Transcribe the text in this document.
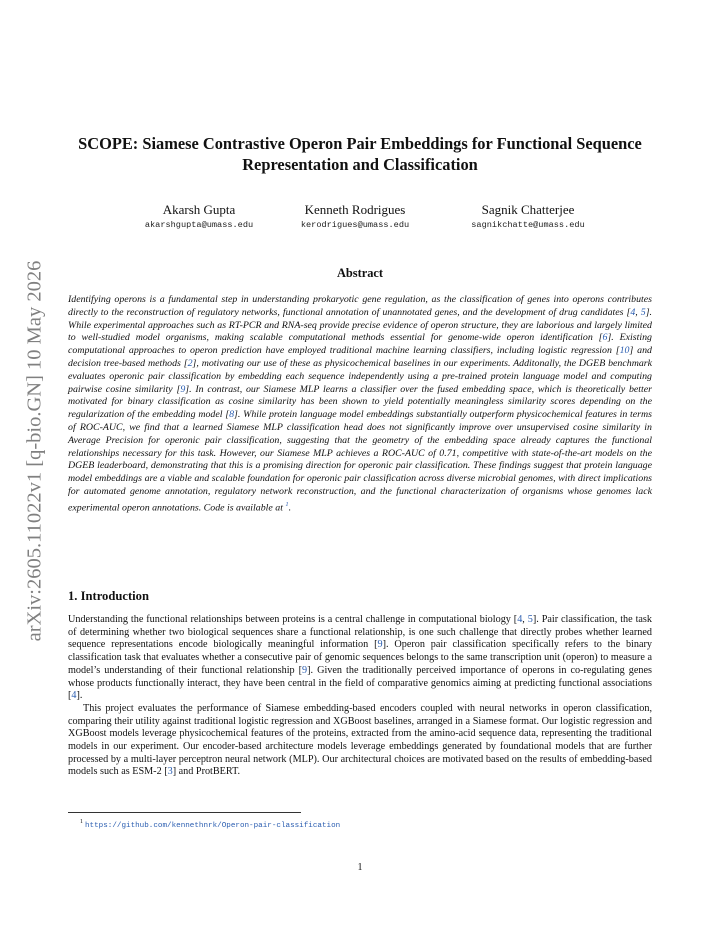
arXiv:2605.11022v1 [q-bio.GN] 10 May 2026
SCOPE: Siamese Contrastive Operon Pair Embeddings for Functional Sequence Representation and Classification
Akarsh Gupta
akarshgupta@umass.edu
Kenneth Rodrigues
kerodrigues@umass.edu
Sagnik Chatterjee
sagnikchatte@umass.edu
Abstract

Identifying operons is a fundamental step in understanding prokaryotic gene regulation, as the classification of genes into operons contributes directly to the reconstruction of regulatory networks, functional annotation of unannotated genes, and the development of drug candidates [4, 5]. While experimental approaches such as RT-PCR and RNA-seq provide precise evidence of operon structure, they are laborious and largely limited to well-studied model organisms, making scalable computational methods essential for genome-wide operon identification [6]. Existing computational approaches to operon prediction have employed traditional machine learning classifiers, including logistic regression [10] and decision tree-based methods [2], motivating our use of these as physicochemical baselines in our experiments. Additonally, the DGEB benchmark evaluates operonic pair classification by embedding each sequence independently using a pre-trained protein language model and computing pairwise cosine similarity [9]. In contrast, our Siamese MLP learns a classifier over the fused embedding space, which is theoretically better motivated for binary classification as cosine similarity has been shown to yield potentially meaningless similarity scores depending on the regularization of the embedding model [8]. While protein language model embeddings substantially outperform physicochemical features in terms of ROC-AUC, we find that a learned Siamese MLP classification head does not significantly improve over unsupervised cosine similarity in Average Precision for operonic pair classification, suggesting that the geometry of the embedding space already captures the functional relationships necessary for this task. However, our Siamese MLP achieves a ROC-AUC of 0.71, competitive with state-of-the-art models on the DGEB leaderboard, demonstrating that this is a promising direction for operonic pair classification. These findings suggest that protein language model embeddings are a viable and scalable foundation for operonic pair classification across diverse microbial genomes, with direct implications for automated genome annotation, regulatory network reconstruction, and the functional characterization of organisms whose genomes lack experimental operon annotations. Code is available at $^1$.

1. Introduction

Understanding the functional relationships between proteins is a central challenge in computational biology [4, 5]. Pair classification, the task of determining whether two biological sequences share a functional relationship, is one such challenge that directly probes whether learned sequence representations encode biologically meaningful information [9]. Operon pair classification specifically refers to the binary classification task that evaluates whether a consecutive pair of genomic sequences belongs to the same transcription unit (operon) to measure a model’s understanding of their functional relationship [9]. Given the traditionally perceived importance of operons in co-regulating genes whose products functionally interact, they have been central in the field of comparative genomics aiming at predicting functional associations [4].

This project evaluates the performance of Siamese embedding-based encoders coupled with neural networks in operon classification, comparing their utility against traditional logistic regression and XGBoost baselines, arranged in a Siamese format. Our logistic regression and XGBoost models leverage physicochemical features of the proteins, extracted from the amino-acid sequence data, representing the traditional models in our experiment. Our encoder-based architecture models leverage embeddings generated by foundational models that are further processed by a multi-layer perceptron neural network (MLP). Our architectural choices are motivated based on the results of embedding-based models such as ESM-2 [3] and ProtBERT.

$^1$ https://github.com/kennethnrk/Operon-pair-classification
1
